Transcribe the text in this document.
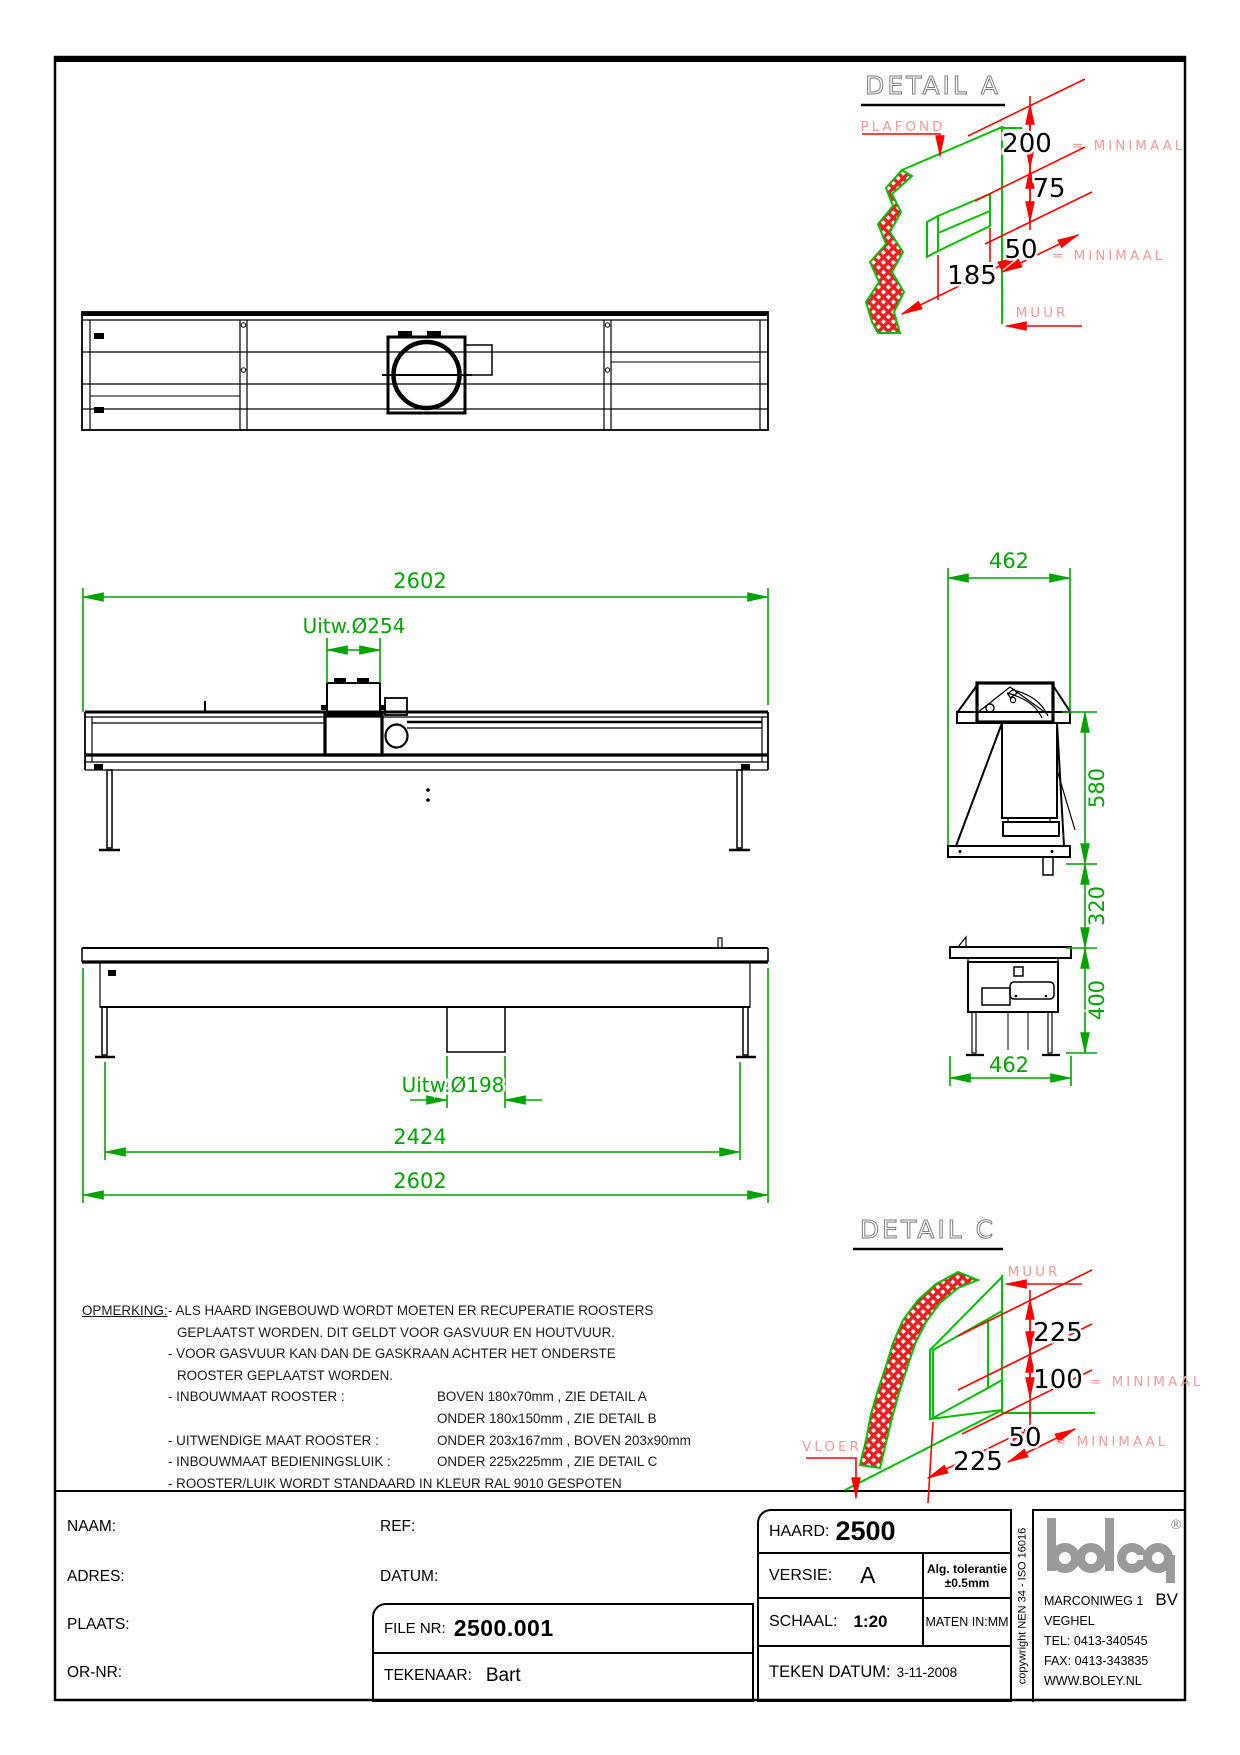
OPMERKING:- ALS HAARD INGEBOUWD WORDT MOETEN ER RECUPERATIE ROOSTERS
GEPLAATST WORDEN. DIT GELDT VOOR GASVUUR EN HOUTVUUR.
- VOOR GASVUUR KAN DAN DE GASKRAAN ACHTER HET ONDERSTE
ROOSTER GEPLAATST WORDEN.
- INBOUWMAAT ROOSTER :	BOVEN 180x70mm , ZIE DETAIL A
ONDER 180x150mm , ZIE DETAIL B
- UITWENDIGE MAAT ROOSTER :	ONDER 203x167mm , BOVEN 203x90mm
- INBOUWMAAT BEDIENINGSLUIK :	ONDER 225x225mm , ZIE DETAIL C
- ROOSTER/LUIK WORDT STANDAARD IN KLEUR RAL 9010 GESPOTEN
NAAM:
ADRES:
PLAATS:
OR-NR:
REF:
DATUM:
FILE NR: 2500.001
TEKENAAR: Bart
HAARD: 2500
VERSIE: A	Alg. tolerantie
±0.5mm
SCHAAL: 1:20	MATEN IN:MM
TEKEN DATUM: 3-11-2008	copywright NEN 34 - ISO 16016
®
MARCONIWEG 1 BV
VEGHEL
TEL: 0413-340545
FAX: 0413-343835
WWW.BOLEY.NL
DETAIL A
PLAFOND
MUUR
200 = MINIMAAL
75
50 = MINIMAAL
185
2602
Uitw.Ø254
462
580
320
400
462
Uitw.Ø198
2424
2602
DETAIL C
MUUR
VLOER
225
100 = MINIMAAL
50 = MINIMAAL
225
